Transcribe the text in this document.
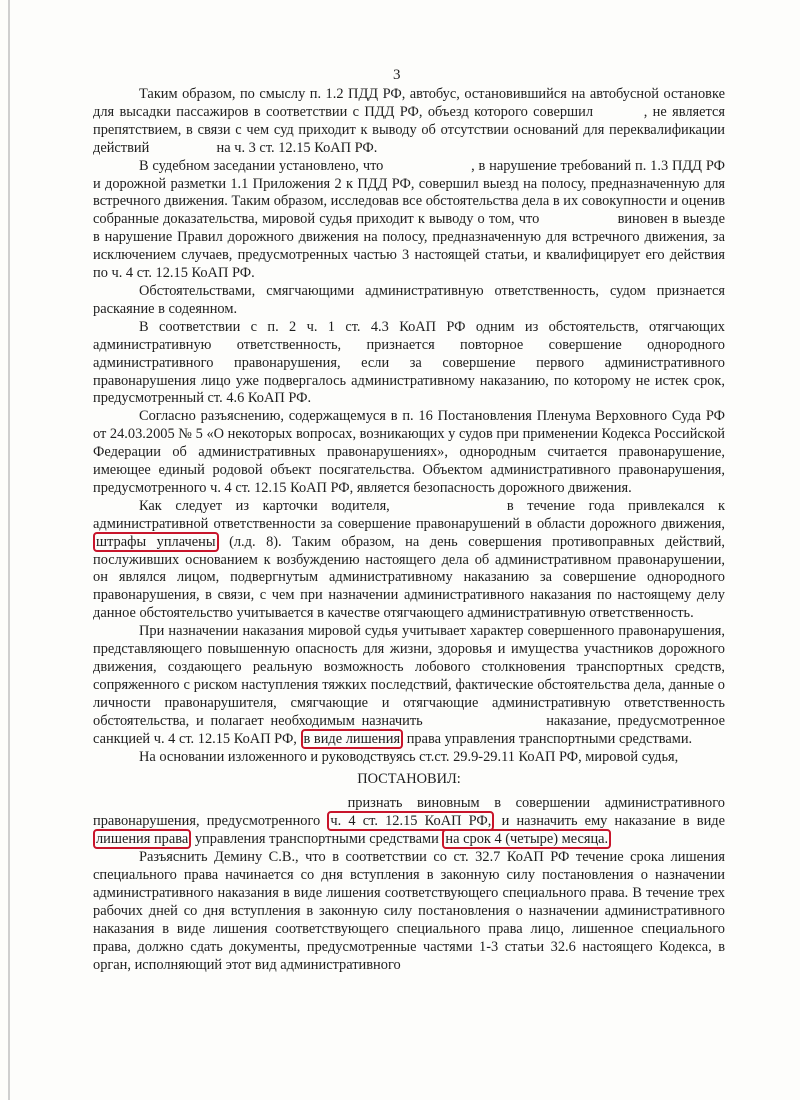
3

Таким образом, по смыслу п. 1.2 ПДД РФ, автобус, остановившийся на автобусной остановке для высадки пассажиров в соответствии с ПДД РФ, объезд которого совершил	, не является препятствием, в связи с чем суд приходит к выводу об отсутствии оснований для переквалификации действий	на ч. 3 ст. 12.15 КоАП РФ.

В судебном заседании установлено, что	, в нарушение требований п. 1.3 ПДД РФ и дорожной разметки 1.1 Приложения 2 к ПДД РФ, совершил выезд на полосу, предназначенную для встречного движения. Таким образом, исследовав все обстоятельства дела в их совокупности и оценив собранные доказательства, мировой судья приходит к выводу о том, что	виновен в выезде в нарушение Правил дорожного движения на полосу, предназначенную для встречного движения, за исключением случаев, предусмотренных частью 3 настоящей статьи, и квалифицирует его действия по ч. 4 ст. 12.15 КоАП РФ.

Обстоятельствами, смягчающими административную ответственность, судом признается раскаяние в содеянном.

В соответствии с п. 2 ч. 1 ст. 4.3 КоАП РФ одним из обстоятельств, отягчающих административную ответственность, признается повторное совершение однородного административного правонарушения, если за совершение первого административного правонарушения лицо уже подвергалось административному наказанию, по которому не истек срок, предусмотренный ст. 4.6 КоАП РФ.

Согласно разъяснению, содержащемуся в п. 16 Постановления Пленума Верховного Суда РФ от 24.03.2005 № 5 «О некоторых вопросах, возникающих у судов при применении Кодекса Российской Федерации об административных правонарушениях», однородным считается правонарушение, имеющее единый родовой объект посягательства. Объектом административного правонарушения, предусмотренного ч. 4 ст. 12.15 КоАП РФ, является безопасность дорожного движения.

Как следует из карточки водителя,	в течение года привлекался к административной ответственности за совершение правонарушений в области дорожного движения, штрафы уплачены (л.д. 8). Таким образом, на день совершения противоправных действий, послуживших основанием к возбуждению настоящего дела об административном правонарушении, он являлся лицом, подвергнутым административному наказанию за совершение однородного правонарушения, в связи, с чем при назначении административного наказания по настоящему делу данное обстоятельство учитывается в качестве отягчающего административную ответственность.

При назначении наказания мировой судья учитывает характер совершенного правонарушения, представляющего повышенную опасность для жизни, здоровья и имущества участников дорожного движения, создающего реальную возможность лобового столкновения транспортных средств, сопряженного с риском наступления тяжких последствий, фактические обстоятельства дела, данные о личности правонарушителя, смягчающие и отягчающие административную ответственность обстоятельства, и полагает необходимым назначить	наказание, предусмотренное санкцией ч. 4 ст. 12.15 КоАП РФ, в виде лишения права управления транспортными средствами.

На основании изложенного и руководствуясь ст.ст. 29.9-29.11 КоАП РФ, мировой судья,

ПОСТАНОВИЛ:

признать виновным в совершении административного правонарушения, предусмотренного ч. 4 ст. 12.15 КоАП РФ, и назначить ему наказание в виде лишения права управления транспортными средствами на срок 4 (четыре) месяца.

Разъяснить Демину С.В., что в соответствии со ст. 32.7 КоАП РФ течение срока лишения специального права начинается со дня вступления в законную силу постановления о назначении административного наказания в виде лишения соответствующего специального права. В течение трех рабочих дней со дня вступления в законную силу постановления о назначении административного наказания в виде лишения соответствующего специального права лицо, лишенное специального права, должно сдать документы, предусмотренные частями 1-3 статьи 32.6 настоящего Кодекса, в орган, исполняющий этот вид административного
